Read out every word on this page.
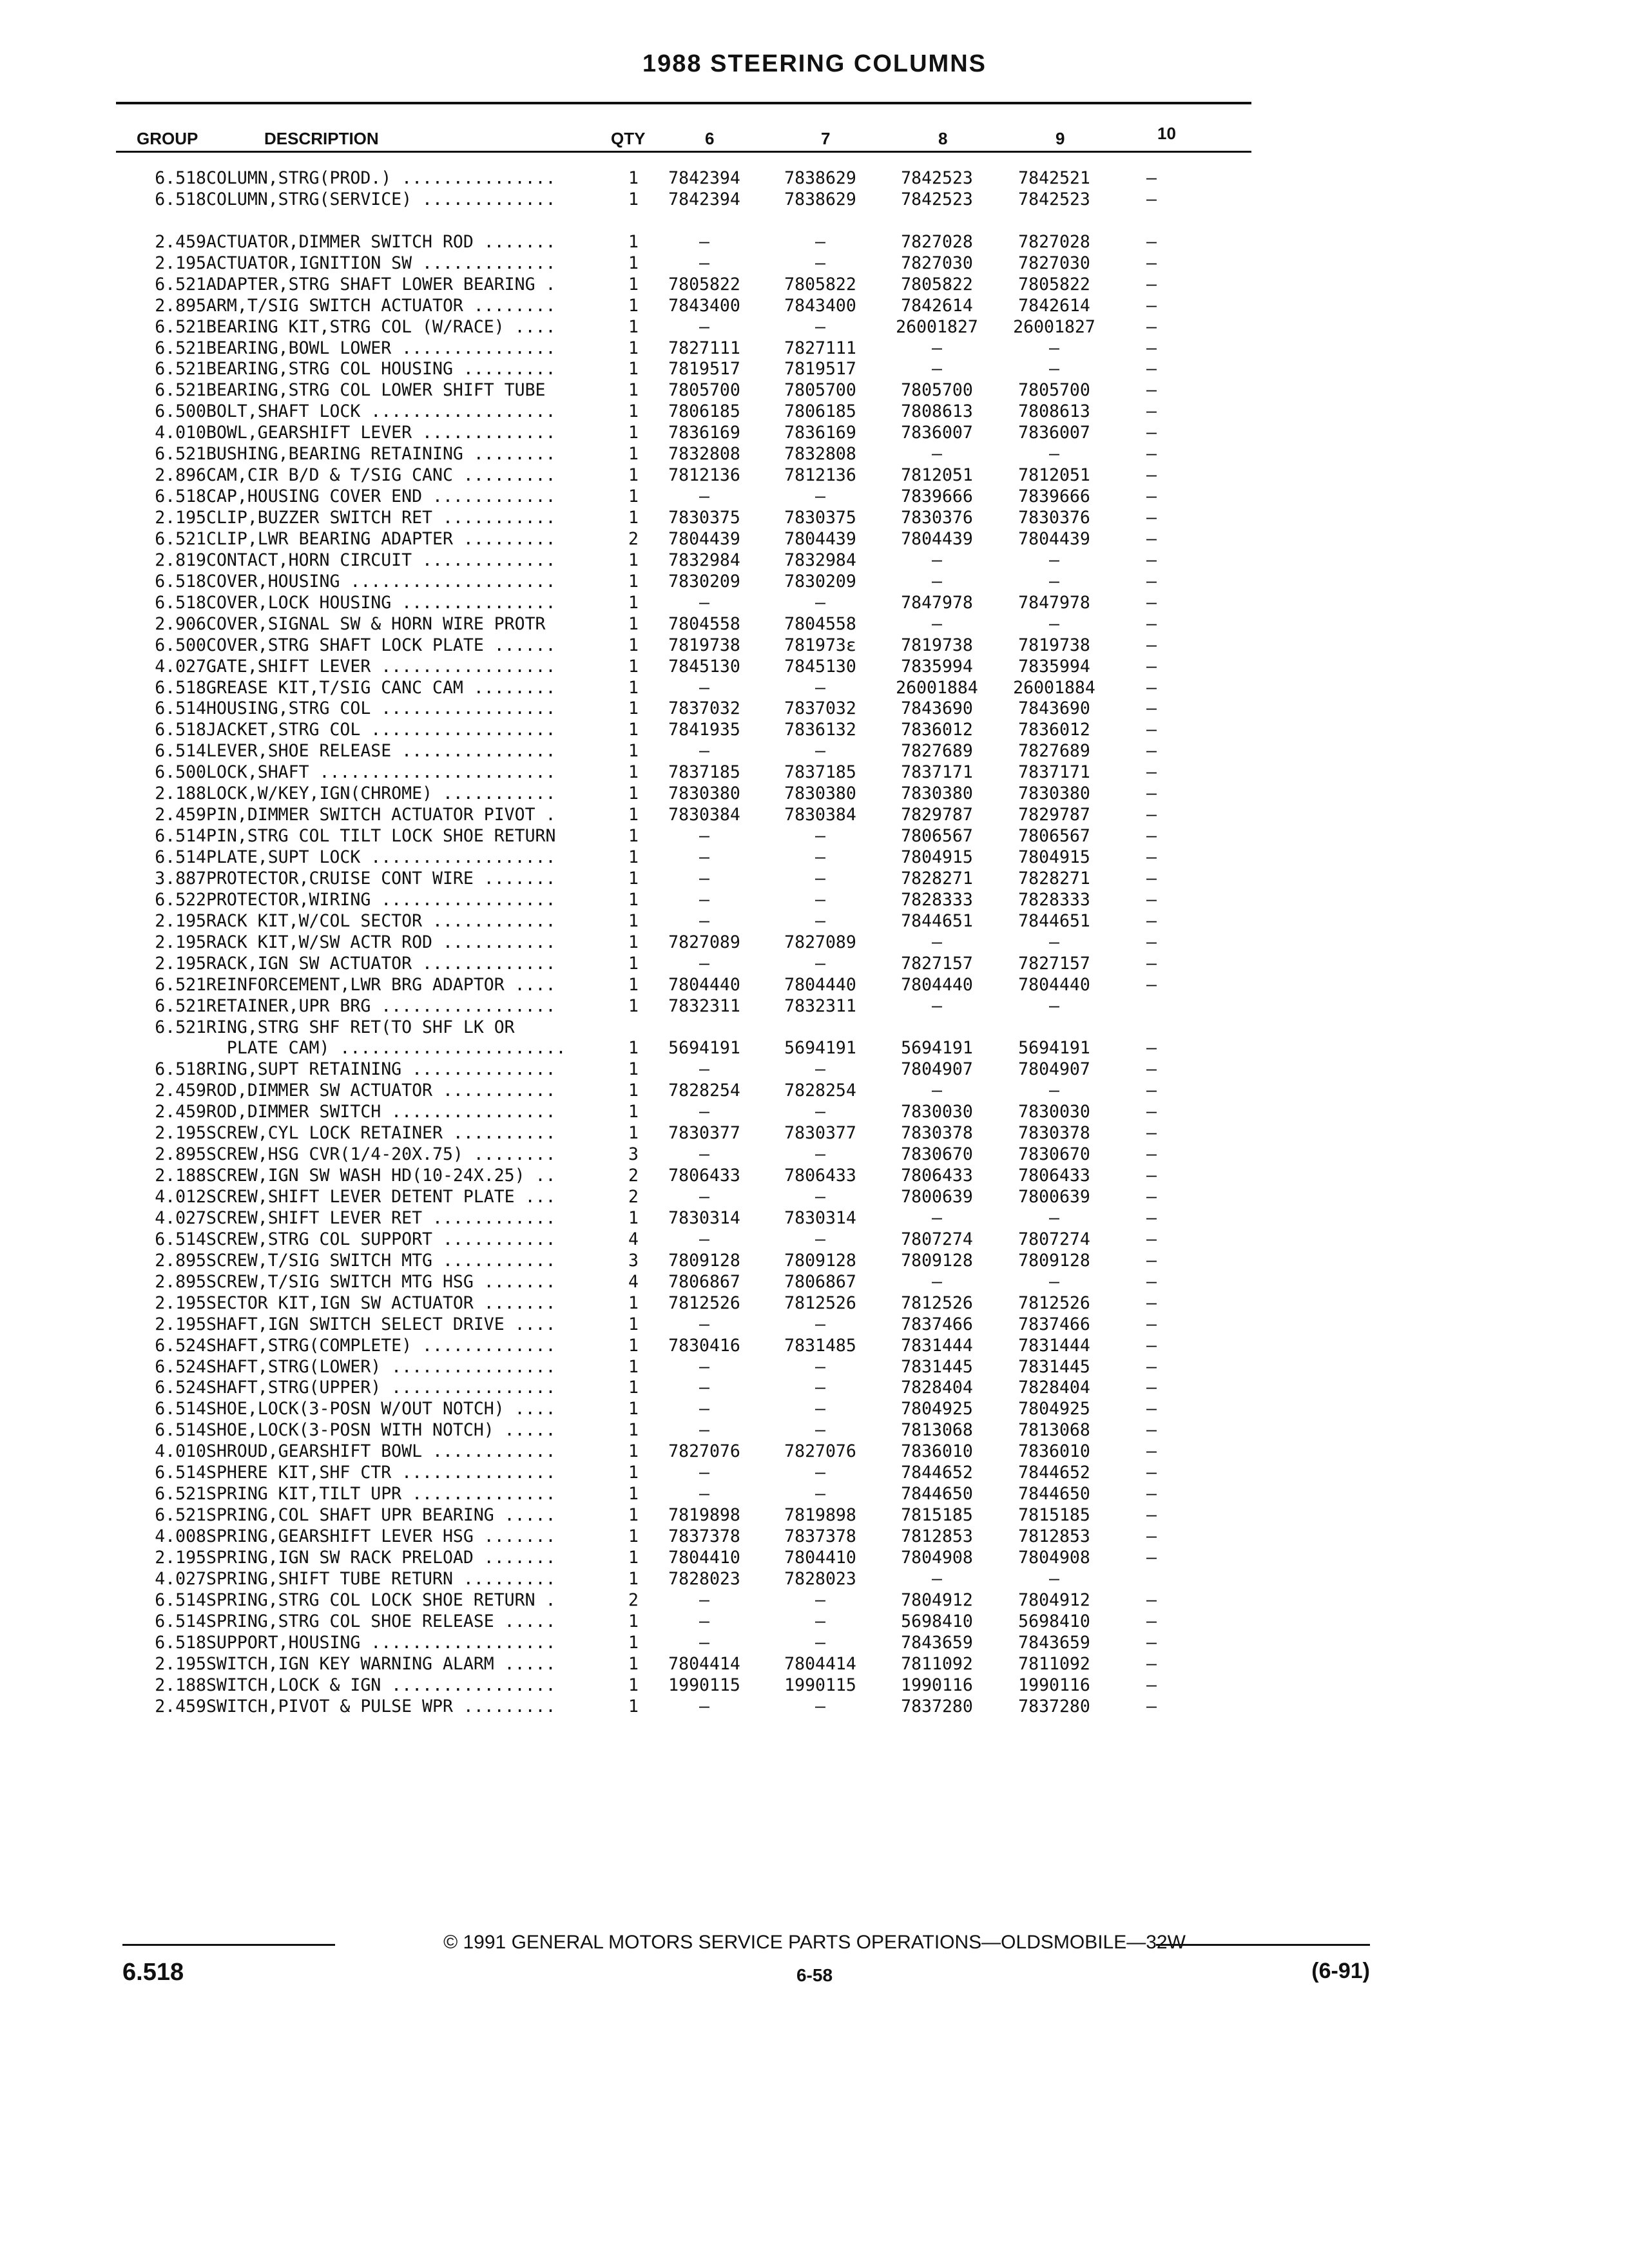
1988 STEERING COLUMNS
GROUP	DESCRIPTION	QTY	6	7	8	9	10
6.518	COLUMN,STRG(PROD.) ...............	1	7842394	7838629	7842523	7842521	—
6.518	COLUMN,STRG(SERVICE) .............	1	7842394	7838629	7842523	7842523	—

2.459	ACTUATOR,DIMMER SWITCH ROD .......	1	—	—	7827028	7827028	—
2.195	ACTUATOR,IGNITION SW .............	1	—	—	7827030	7827030	—
6.521	ADAPTER,STRG SHAFT LOWER BEARING .	1	7805822	7805822	7805822	7805822	—
2.895	ARM,T/SIG SWITCH ACTUATOR ........	1	7843400	7843400	7842614	7842614	—
6.521	BEARING KIT,STRG COL (W/RACE) ....	1	—	—	26001827	26001827	—
6.521	BEARING,BOWL LOWER ...............	1	7827111	7827111	—	—	—
6.521	BEARING,STRG COL HOUSING .........	1	7819517	7819517	—	—	—
6.521	BEARING,STRG COL LOWER SHIFT TUBE	1	7805700	7805700	7805700	7805700	—
6.500	BOLT,SHAFT LOCK ..................	1	7806185	7806185	7808613	7808613	—
4.010	BOWL,GEARSHIFT LEVER .............	1	7836169	7836169	7836007	7836007	—
6.521	BUSHING,BEARING RETAINING ........	1	7832808	7832808	—	—	—
2.896	CAM,CIR B/D & T/SIG CANC .........	1	7812136	7812136	7812051	7812051	—
6.518	CAP,HOUSING COVER END ............	1	—	—	7839666	7839666	—
2.195	CLIP,BUZZER SWITCH RET ...........	1	7830375	7830375	7830376	7830376	—
6.521	CLIP,LWR BEARING ADAPTER .........	2	7804439	7804439	7804439	7804439	—
2.819	CONTACT,HORN CIRCUIT .............	1	7832984	7832984	—	—	—
6.518	COVER,HOUSING ....................	1	7830209	7830209	—	—	—
6.518	COVER,LOCK HOUSING ...............	1	—	—	7847978	7847978	—
2.906	COVER,SIGNAL SW & HORN WIRE PROTR	1	7804558	7804558	—	—	—
6.500	COVER,STRG SHAFT LOCK PLATE ......	1	7819738	781973ε	7819738	7819738	—
4.027	GATE,SHIFT LEVER .................	1	7845130	7845130	7835994	7835994	—
6.518	GREASE KIT,T/SIG CANC CAM ........	1	—	—	26001884	26001884	—
6.514	HOUSING,STRG COL .................	1	7837032	7837032	7843690	7843690	—
6.518	JACKET,STRG COL ..................	1	7841935	7836132	7836012	7836012	—
6.514	LEVER,SHOE RELEASE ...............	1	—	—	7827689	7827689	—
6.500	LOCK,SHAFT .......................	1	7837185	7837185	7837171	7837171	—
2.188	LOCK,W/KEY,IGN(CHROME) ...........	1	7830380	7830380	7830380	7830380	—
2.459	PIN,DIMMER SWITCH ACTUATOR PIVOT .	1	7830384	7830384	7829787	7829787	—
6.514	PIN,STRG COL TILT LOCK SHOE RETURN	1	—	—	7806567	7806567	—
6.514	PLATE,SUPT LOCK ..................	1	—	—	7804915	7804915	—
3.887	PROTECTOR,CRUISE CONT WIRE .......	1	—	—	7828271	7828271	—
6.522	PROTECTOR,WIRING .................	1	—	—	7828333	7828333	—
2.195	RACK KIT,W/COL SECTOR ............	1	—	—	7844651	7844651	—
2.195	RACK KIT,W/SW ACTR ROD ...........	1	7827089	7827089	—	—	—
2.195	RACK,IGN SW ACTUATOR .............	1	—	—	7827157	7827157	—
6.521	REINFORCEMENT,LWR BRG ADAPTOR ....	1	7804440	7804440	7804440	7804440	—
6.521	RETAINER,UPR BRG .................	1	7832311	7832311	—	—	
6.521	RING,STRG SHF RET(TO SHF LK OR						
	PLATE CAM) ......................	1	5694191	5694191	5694191	5694191	—
6.518	RING,SUPT RETAINING ..............	1	—	—	7804907	7804907	—
2.459	ROD,DIMMER SW ACTUATOR ...........	1	7828254	7828254	—	—	—
2.459	ROD,DIMMER SWITCH ................	1	—	—	7830030	7830030	—
2.195	SCREW,CYL LOCK RETAINER ..........	1	7830377	7830377	7830378	7830378	—
2.895	SCREW,HSG CVR(1/4-20X.75) ........	3	—	—	7830670	7830670	—
2.188	SCREW,IGN SW WASH HD(10-24X.25) ..	2	7806433	7806433	7806433	7806433	—
4.012	SCREW,SHIFT LEVER DETENT PLATE ...	2	—	—	7800639	7800639	—
4.027	SCREW,SHIFT LEVER RET ............	1	7830314	7830314	—	—	—
6.514	SCREW,STRG COL SUPPORT ...........	4	—	—	7807274	7807274	—
2.895	SCREW,T/SIG SWITCH MTG ...........	3	7809128	7809128	7809128	7809128	—
2.895	SCREW,T/SIG SWITCH MTG HSG .......	4	7806867	7806867	—	—	—
2.195	SECTOR KIT,IGN SW ACTUATOR .......	1	7812526	7812526	7812526	7812526	—
2.195	SHAFT,IGN SWITCH SELECT DRIVE ....	1	—	—	7837466	7837466	—
6.524	SHAFT,STRG(COMPLETE) .............	1	7830416	7831485	7831444	7831444	—
6.524	SHAFT,STRG(LOWER) ................	1	—	—	7831445	7831445	—
6.524	SHAFT,STRG(UPPER) ................	1	—	—	7828404	7828404	—
6.514	SHOE,LOCK(3-POSN W/OUT NOTCH) ....	1	—	—	7804925	7804925	—
6.514	SHOE,LOCK(3-POSN WITH NOTCH) .....	1	—	—	7813068	7813068	—
4.010	SHROUD,GEARSHIFT BOWL ............	1	7827076	7827076	7836010	7836010	—
6.514	SPHERE KIT,SHF CTR ...............	1	—	—	7844652	7844652	—
6.521	SPRING KIT,TILT UPR ..............	1	—	—	7844650	7844650	—
6.521	SPRING,COL SHAFT UPR BEARING .....	1	7819898	7819898	7815185	7815185	—
4.008	SPRING,GEARSHIFT LEVER HSG .......	1	7837378	7837378	7812853	7812853	—
2.195	SPRING,IGN SW RACK PRELOAD .......	1	7804410	7804410	7804908	7804908	—
4.027	SPRING,SHIFT TUBE RETURN .........	1	7828023	7828023	—	—	
6.514	SPRING,STRG COL LOCK SHOE RETURN .	2	—	—	7804912	7804912	—
6.514	SPRING,STRG COL SHOE RELEASE .....	1	—	—	5698410	5698410	—
6.518	SUPPORT,HOUSING ..................	1	—	—	7843659	7843659	—
2.195	SWITCH,IGN KEY WARNING ALARM .....	1	7804414	7804414	7811092	7811092	—
2.188	SWITCH,LOCK & IGN ................	1	1990115	1990115	1990116	1990116	—
2.459	SWITCH,PIVOT & PULSE WPR .........	1	—	—	7837280	7837280	—
© 1991 GENERAL MOTORS SERVICE PARTS OPERATIONS—OLDSMOBILE—32W
6.518	6-58	(6-91)
